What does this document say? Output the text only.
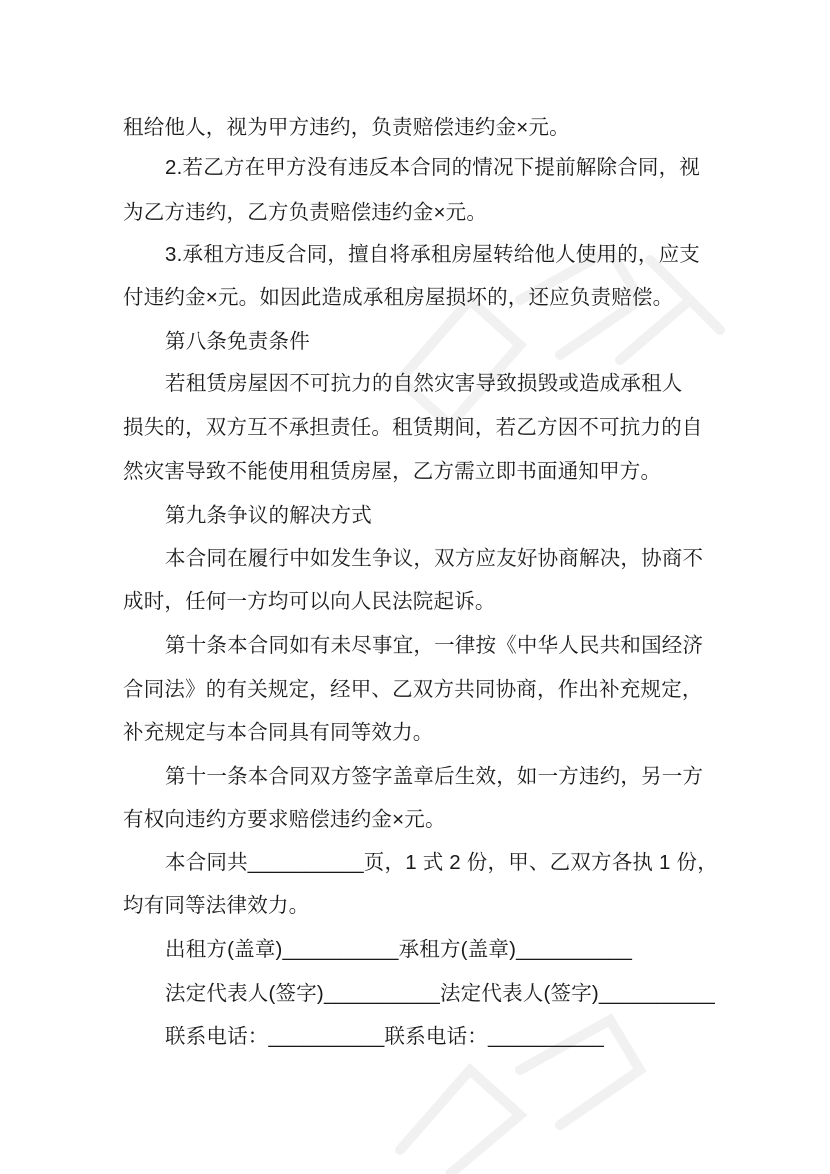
租给他人，视为甲方违约，负责赔偿违约金×元。
2.若乙方在甲方没有违反本合同的情况下提前解除合同，视
为乙方违约，乙方负责赔偿违约金×元。
3.承租方违反合同，擅自将承租房屋转给他人使用的，应支
付违约金×元。如因此造成承租房屋损坏的，还应负责赔偿。
第八条免责条件
若租赁房屋因不可抗力的自然灾害导致损毁或造成承租人
损失的，双方互不承担责任。租赁期间，若乙方因不可抗力的自
然灾害导致不能使用租赁房屋，乙方需立即书面通知甲方。
第九条争议的解决方式
本合同在履行中如发生争议，双方应友好协商解决，协商不
成时，任何一方均可以向人民法院起诉。
第十条本合同如有未尽事宜，一律按《中华人民共和国经济
合同法》的有关规定，经甲、乙双方共同协商，作出补充规定，
补充规定与本合同具有同等效力。
第十一条本合同双方签字盖章后生效，如一方违约，另一方
有权向违约方要求赔偿违约金×元。
本合同共__________页，1 式 2 份，甲、乙双方各执 1 份，
均有同等法律效力。
出租方(盖章)__________承租方(盖章)__________
法定代表人(签字)__________法定代表人(签字)__________
联系电话：__________联系电话：__________
